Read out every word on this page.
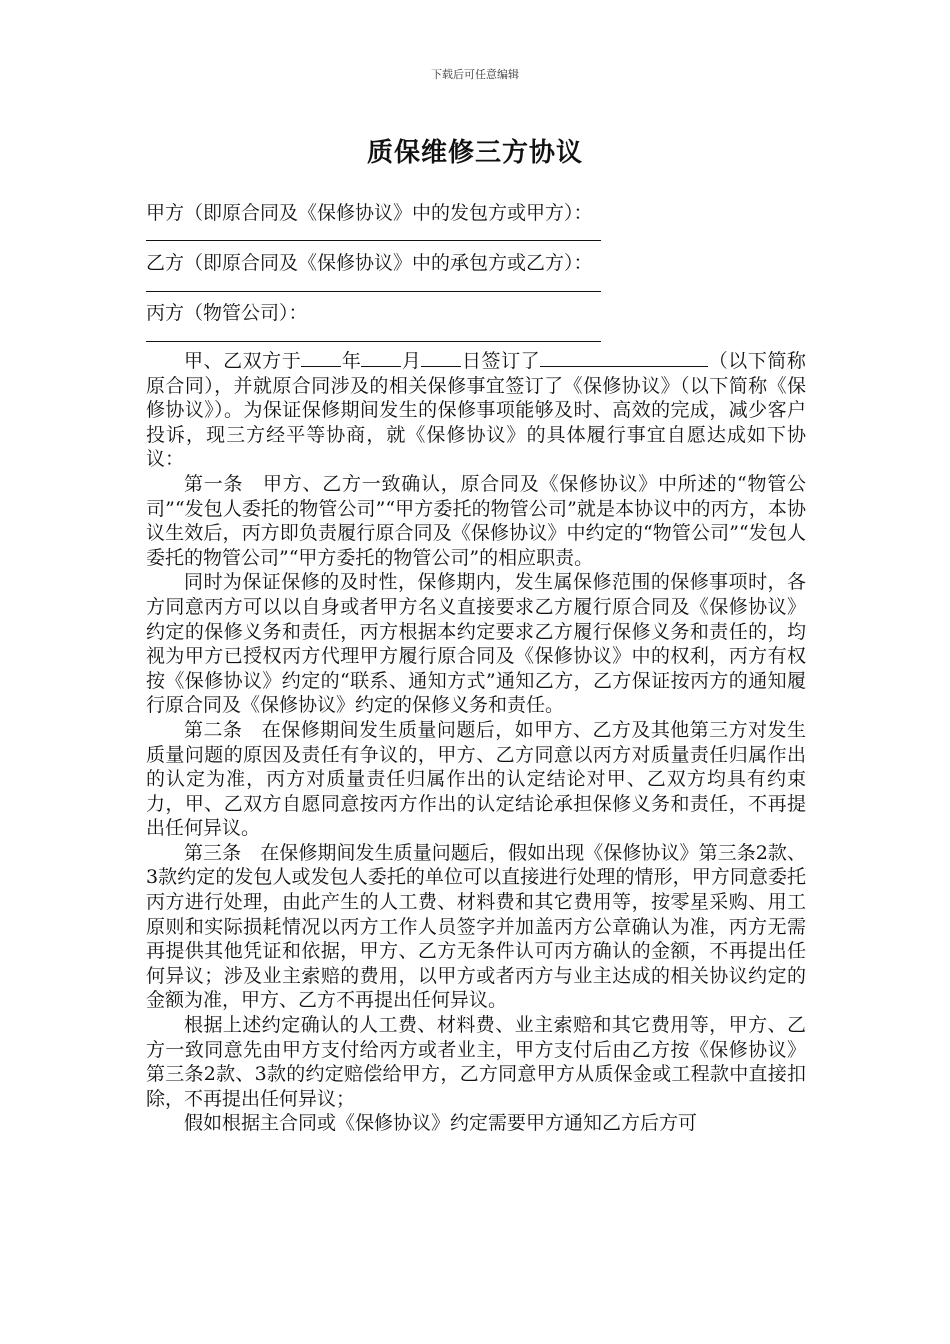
下载后可任意编辑
质保维修三方协议
甲方（即原合同及《保修协议》中的发包方或甲方）：
乙方（即原合同及《保修协议》中的承包方或乙方）：
丙方（物管公司）：

甲、乙双方于 年 月 日签订了	（以下简称原合同），并就原合同涉及的相关保修事宜签订了《保修协议》（以下简称《保修协议》）。为保证保修期间发生的保修事项能够及时、高效的完成，减少客户投诉，现三方经平等协商，就《保修协议》的具体履行事宜自愿达成如下协议：

第一条　甲方、乙方一致确认，原合同及《保修协议》中所述的“物管公司”“发包人委托的物管公司”“甲方委托的物管公司”就是本协议中的丙方，本协议生效后，丙方即负责履行原合同及《保修协议》中约定的“物管公司”“发包人委托的物管公司”“甲方委托的物管公司”的相应职责。

同时为保证保修的及时性，保修期内，发生属保修范围的保修事项时，各方同意丙方可以以自身或者甲方名义直接要求乙方履行原合同及《保修协议》约定的保修义务和责任，丙方根据本约定要求乙方履行保修义务和责任的，均视为甲方已授权丙方代理甲方履行原合同及《保修协议》中的权利，丙方有权按《保修协议》约定的“联系、通知方式”通知乙方，乙方保证按丙方的通知履行原合同及《保修协议》约定的保修义务和责任。

第二条　在保修期间发生质量问题后，如甲方、乙方及其他第三方对发生质量问题的原因及责任有争议的，甲方、乙方同意以丙方对质量责任归属作出的认定为准，丙方对质量责任归属作出的认定结论对甲、乙双方均具有约束力，甲、乙双方自愿同意按丙方作出的认定结论承担保修义务和责任，不再提出任何异议。

第三条　在保修期间发生质量问题后，假如出现《保修协议》第三条2款、3款约定的发包人或发包人委托的单位可以直接进行处理的情形，甲方同意委托丙方进行处理，由此产生的人工费、材料费和其它费用等，按零星采购、用工原则和实际损耗情况以丙方工作人员签字并加盖丙方公章确认为准，丙方无需再提供其他凭证和依据，甲方、乙方无条件认可丙方确认的金额，不再提出任何异议；涉及业主索赔的费用，以甲方或者丙方与业主达成的相关协议约定的金额为准，甲方、乙方不再提出任何异议。

根据上述约定确认的人工费、材料费、业主索赔和其它费用等，甲方、乙方一致同意先由甲方支付给丙方或者业主，甲方支付后由乙方按《保修协议》第三条2款、3款的约定赔偿给甲方，乙方同意甲方从质保金或工程款中直接扣除，不再提出任何异议；

假如根据主合同或《保修协议》约定需要甲方通知乙方后方可
